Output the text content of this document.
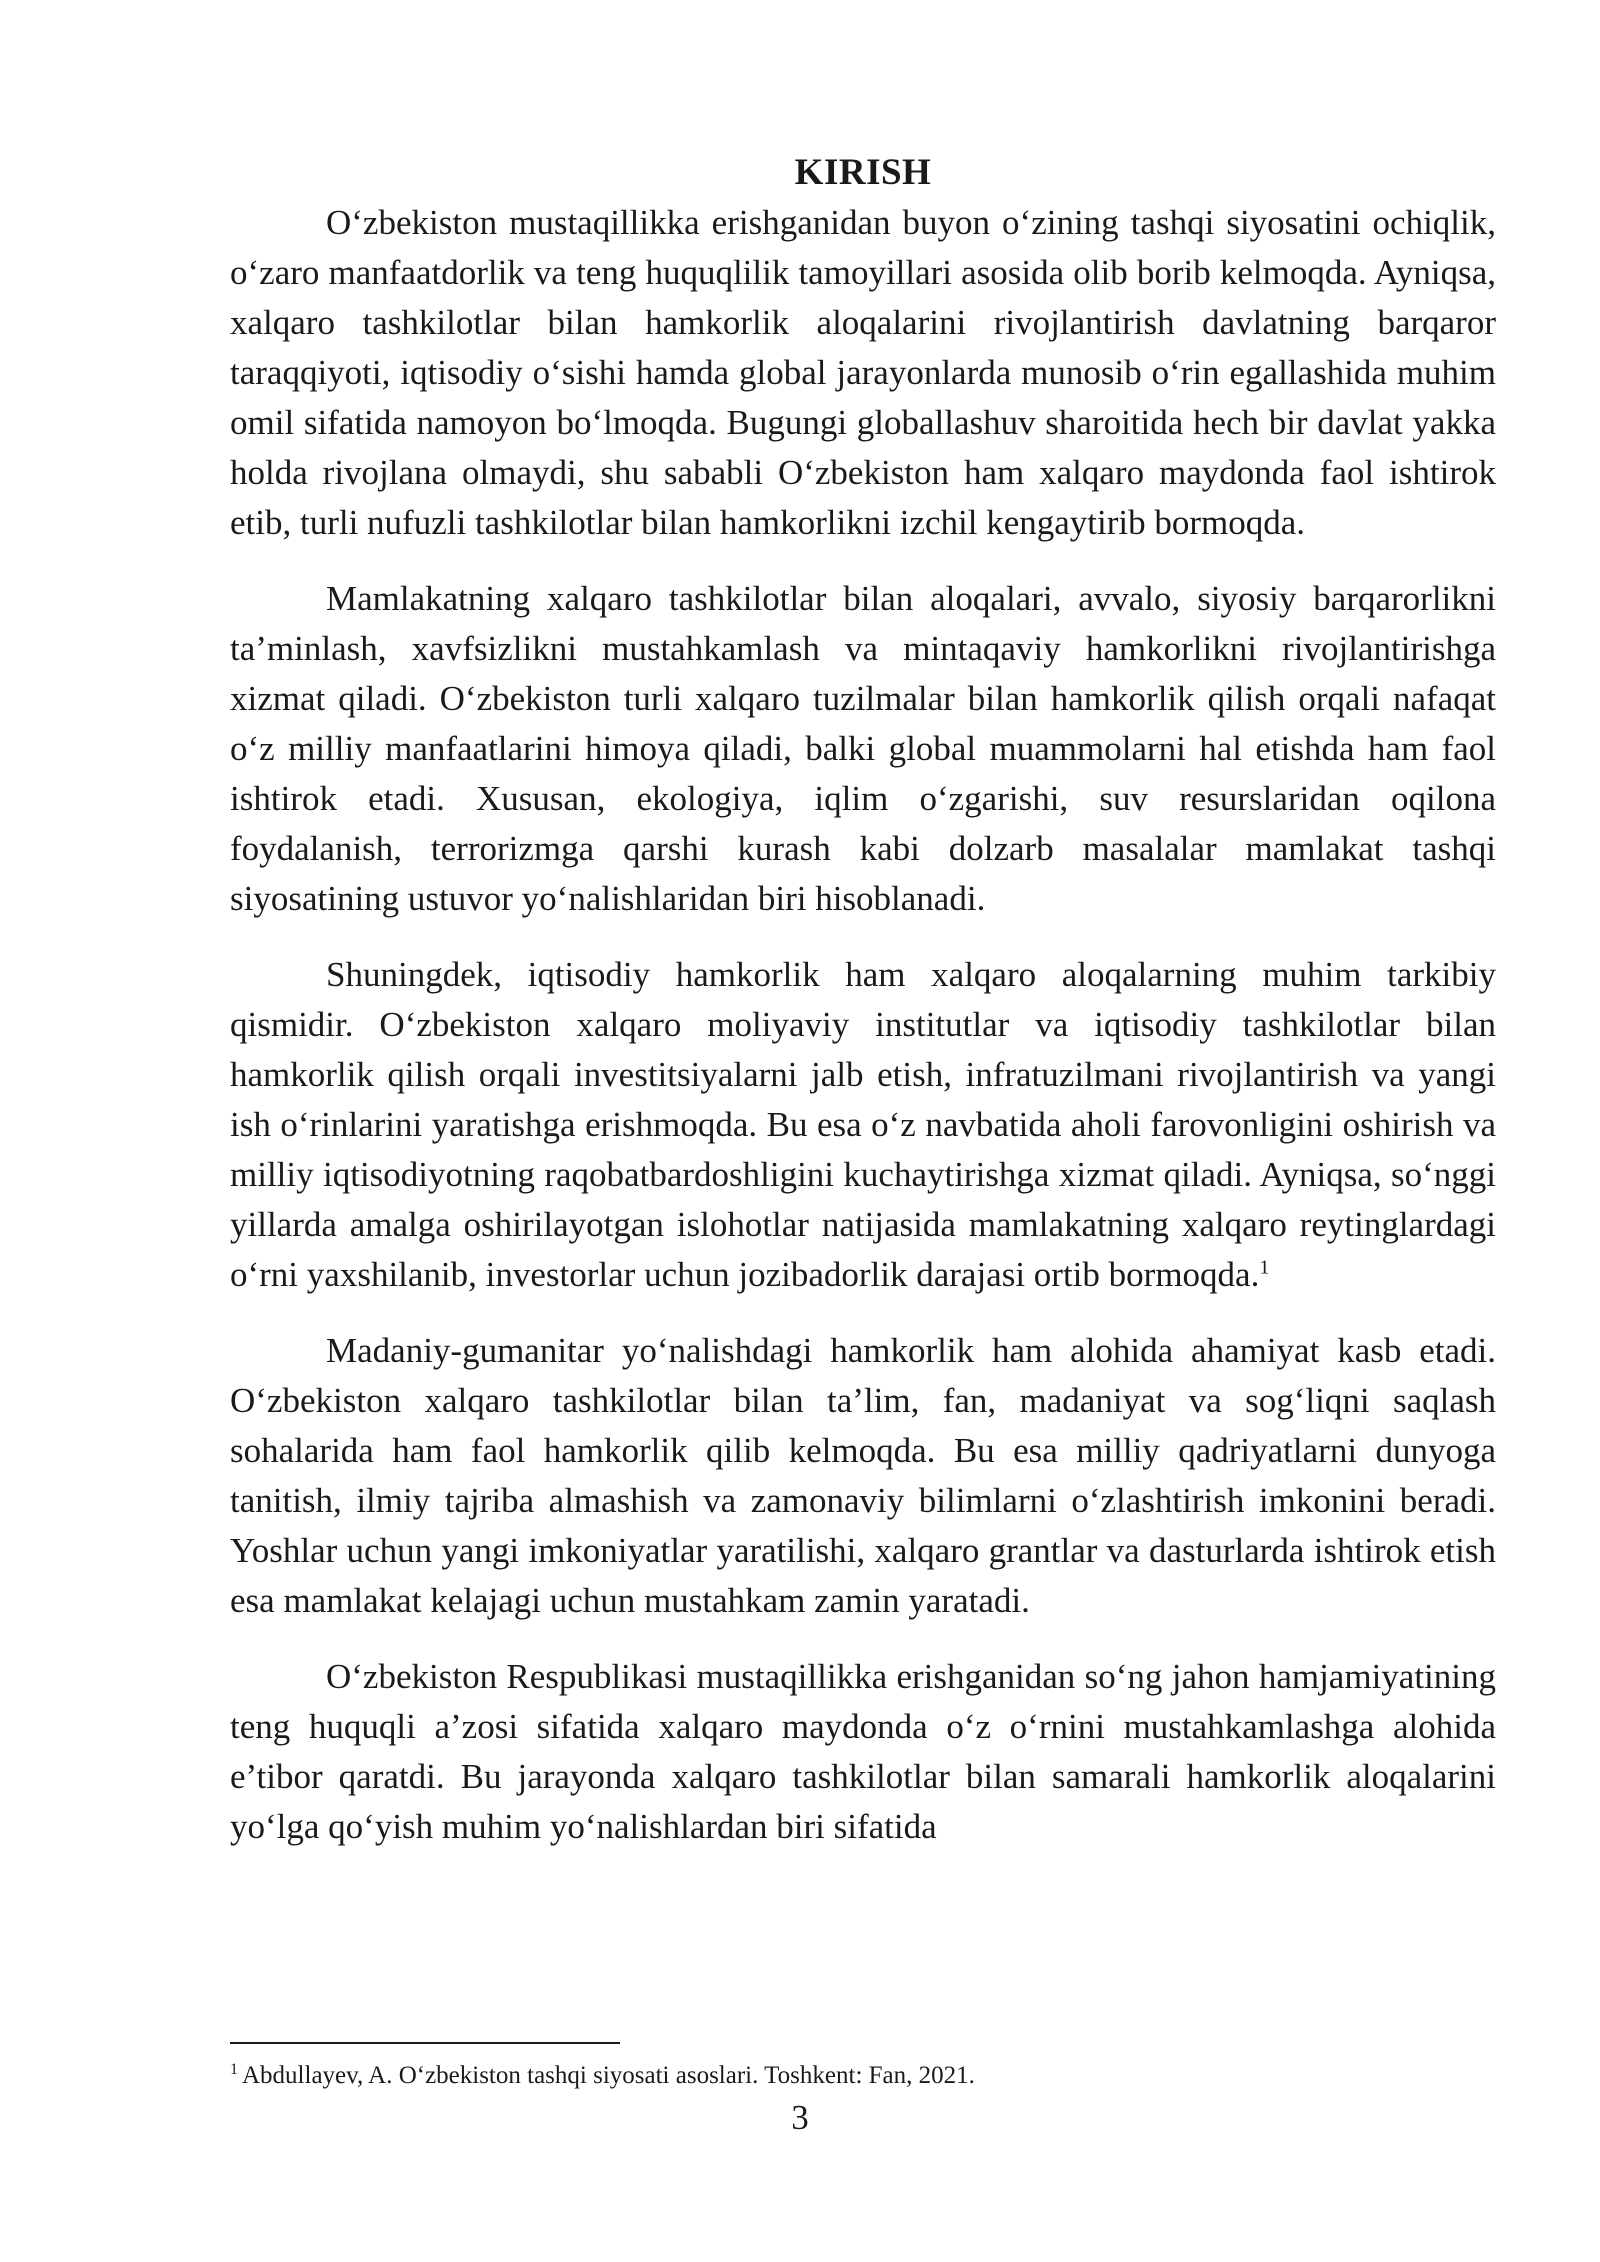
KIRISH

O‘zbekiston mustaqillikka erishganidan buyon o‘zining tashqi siyosatini ochiqlik, o‘zaro manfaatdorlik va teng huquqlilik tamoyillari asosida olib borib kelmoqda. Ayniqsa, xalqaro tashkilotlar bilan hamkorlik aloqalarini rivojlantirish davlatning barqaror taraqqiyoti, iqtisodiy o‘sishi hamda global jarayonlarda munosib o‘rin egallashida muhim omil sifatida namoyon bo‘lmoqda. Bugungi globallashuv sharoitida hech bir davlat yakka holda rivojlana olmaydi, shu sababli O‘zbekiston ham xalqaro maydonda faol ishtirok etib, turli nufuzli tashkilotlar bilan hamkorlikni izchil kengaytirib bormoqda.

Mamlakatning xalqaro tashkilotlar bilan aloqalari, avvalo, siyosiy barqarorlikni ta’minlash, xavfsizlikni mustahkamlash va mintaqaviy hamkorlikni rivojlantirishga xizmat qiladi. O‘zbekiston turli xalqaro tuzilmalar bilan hamkorlik qilish orqali nafaqat o‘z milliy manfaatlarini himoya qiladi, balki global muammolarni hal etishda ham faol ishtirok etadi. Xususan, ekologiya, iqlim o‘zgarishi, suv resurslaridan oqilona foydalanish, terrorizmga qarshi kurash kabi dolzarb masalalar mamlakat tashqi siyosatining ustuvor yo‘nalishlaridan biri hisoblanadi.

Shuningdek, iqtisodiy hamkorlik ham xalqaro aloqalarning muhim tarkibiy qismidir. O‘zbekiston xalqaro moliyaviy institutlar va iqtisodiy tashkilotlar bilan hamkorlik qilish orqali investitsiyalarni jalb etish, infratuzilmani rivojlantirish va yangi ish o‘rinlarini yaratishga erishmoqda. Bu esa o‘z navbatida aholi farovonligini oshirish va milliy iqtisodiyotning raqobatbardoshligini kuchaytirishga xizmat qiladi. Ayniqsa, so‘nggi yillarda amalga oshirilayotgan islohotlar natijasida mamlakatning xalqaro reytinglardagi o‘rni yaxshilanib, investorlar uchun jozibadorlik darajasi ortib bormoqda.$^1$

Madaniy-gumanitar yo‘nalishdagi hamkorlik ham alohida ahamiyat kasb etadi. O‘zbekiston xalqaro tashkilotlar bilan ta’lim, fan, madaniyat va sog‘liqni saqlash sohalarida ham faol hamkorlik qilib kelmoqda. Bu esa milliy qadriyatlarni dunyoga tanitish, ilmiy tajriba almashish va zamonaviy bilimlarni o‘zlashtirish imkonini beradi. Yoshlar uchun yangi imkoniyatlar yaratilishi, xalqaro grantlar va dasturlarda ishtirok etish esa mamlakat kelajagi uchun mustahkam zamin yaratadi.

O‘zbekiston Respublikasi mustaqillikka erishganidan so‘ng jahon hamjamiyatining teng huquqli a’zosi sifatida xalqaro maydonda o‘z o‘rnini mustahkamlashga alohida e’tibor qaratdi. Bu jarayonda xalqaro tashkilotlar bilan samarali hamkorlik aloqalarini yo‘lga qo‘yish muhim yo‘nalishlardan biri sifatida

$^1$ Abdullayev, A. O‘zbekiston tashqi siyosati asoslari. Toshkent: Fan, 2021.
3
